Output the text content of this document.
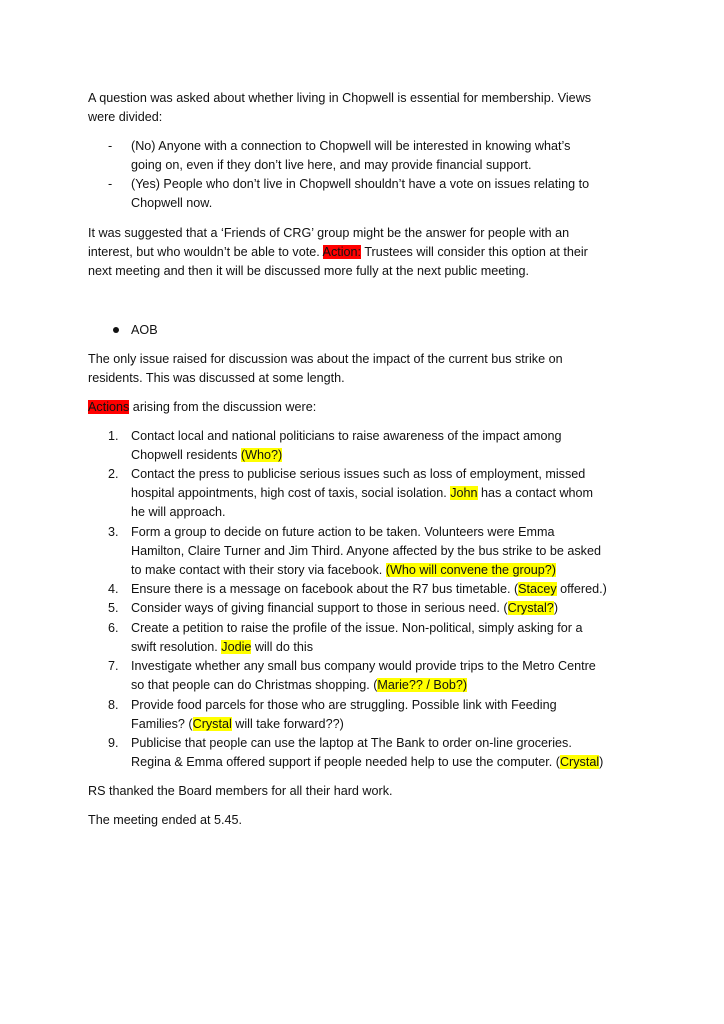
A question was asked about whether living in Chopwell is essential for membership. Views
were divided:
-	(No) Anyone with a connection to Chopwell will be interested in knowing what’s
going on, even if they don’t live here, and may provide financial support.
-	(Yes) People who don’t live in Chopwell shouldn’t have a vote on issues relating to
Chopwell now.
It was suggested that a ‘Friends of CRG’ group might be the answer for people with an
interest, but who wouldn’t be able to vote. Action: Trustees will consider this option at their
next meeting and then it will be discussed more fully at the next public meeting.
AOB
The only issue raised for discussion was about the impact of the current bus strike on
residents. This was discussed at some length.
Actions arising from the discussion were:
1. Contact local and national politicians to raise awareness of the impact among
Chopwell residents (Who?)
2. Contact the press to publicise serious issues such as loss of employment, missed
hospital appointments, high cost of taxis, social isolation. John has a contact whom
he will approach.
3. Form a group to decide on future action to be taken. Volunteers were Emma
Hamilton, Claire Turner and Jim Third. Anyone affected by the bus strike to be asked
to make contact with their story via facebook. (Who will convene the group?)
4. Ensure there is a message on facebook about the R7 bus timetable. (Stacey offered.)
5. Consider ways of giving financial support to those in serious need. (Crystal?)
6. Create a petition to raise the profile of the issue. Non-political, simply asking for a
swift resolution. Jodie will do this
7. Investigate whether any small bus company would provide trips to the Metro Centre
so that people can do Christmas shopping. (Marie?? / Bob?)
8. Provide food parcels for those who are struggling. Possible link with Feeding
Families? (Crystal will take forward??)
9. Publicise that people can use the laptop at The Bank to order on-line groceries.
Regina & Emma offered support if people needed help to use the computer. (Crystal)
RS thanked the Board members for all their hard work.
The meeting ended at 5.45.
